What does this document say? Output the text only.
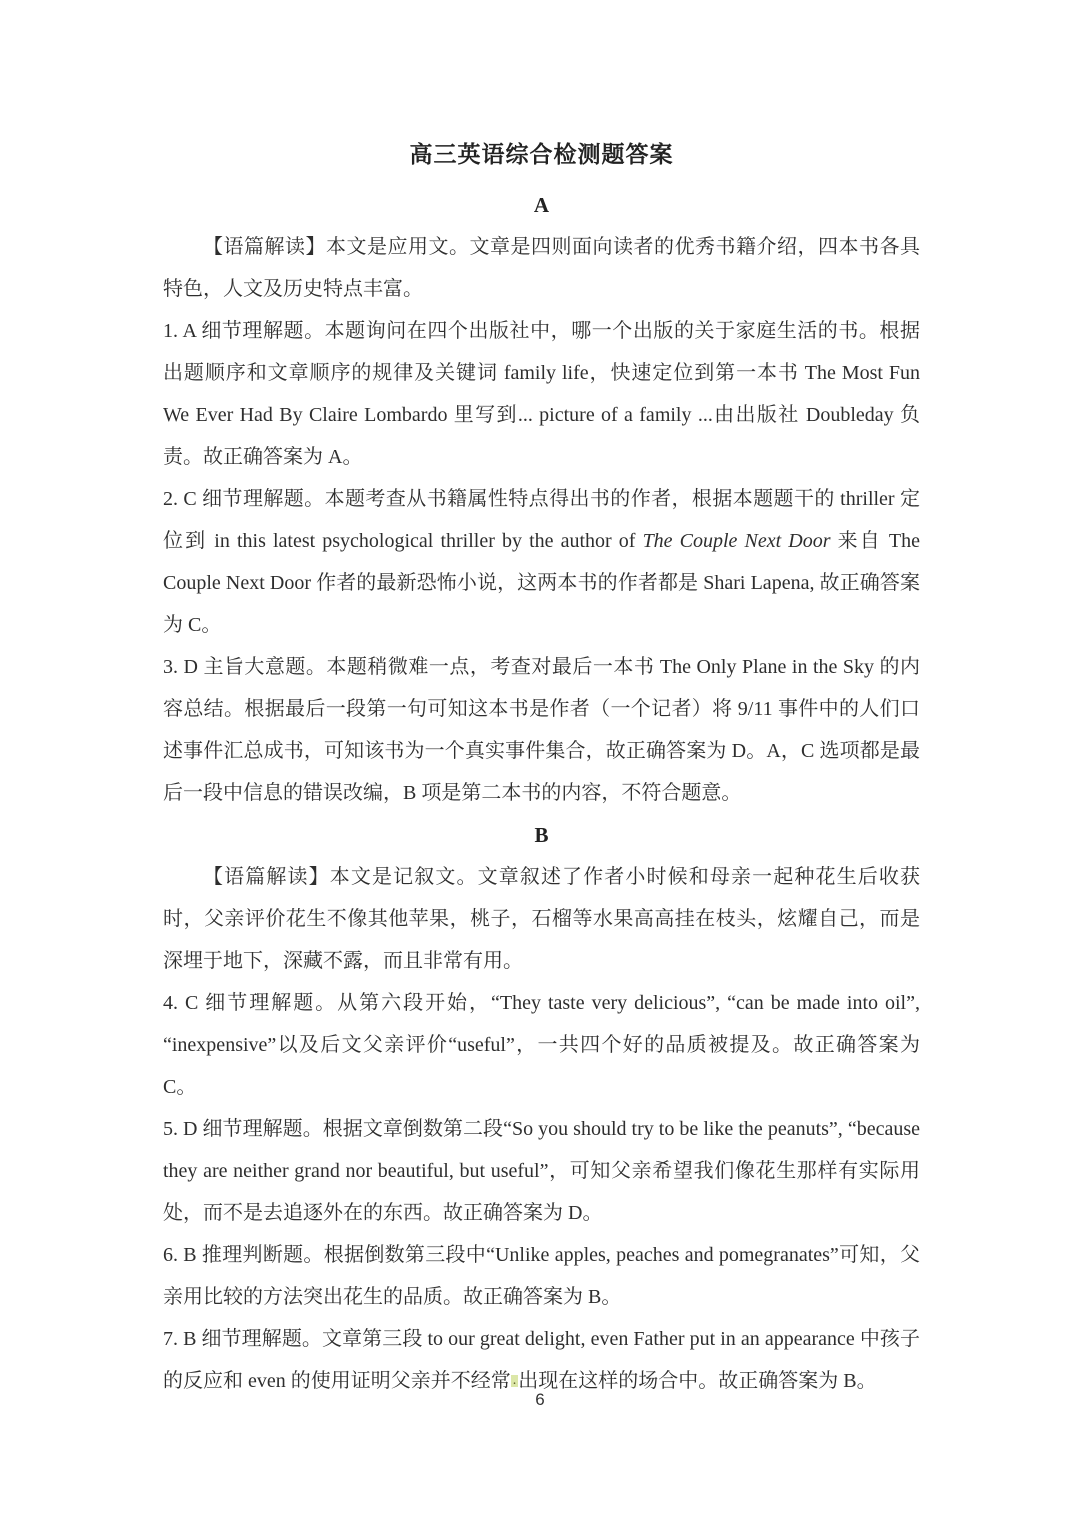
高三英语综合检测题答案
A

【语篇解读】本文是应用文。文章是四则面向读者的优秀书籍介绍，四本书各具特色，人文及历史特点丰富。

1. A 细节理解题。本题询问在四个出版社中，哪一个出版的关于家庭生活的书。根据出题顺序和文章顺序的规律及关键词 family life，快速定位到第一本书 The Most Fun We Ever Had By Claire Lombardo 里写到... picture of a family ...由出版社 Doubleday 负责。故正确答案为 A。

2. C 细节理解题。本题考查从书籍属性特点得出书的作者，根据本题题干的 thriller 定位到 in this latest psychological thriller by the author of The Couple Next Door 来自 The Couple Next Door 作者的最新恐怖小说，这两本书的作者都是 Shari Lapena, 故正确答案为 C。

3. D 主旨大意题。本题稍微难一点，考查对最后一本书 The Only Plane in the Sky 的内容总结。根据最后一段第一句可知这本书是作者（一个记者）将 9/11 事件中的人们口述事件汇总成书，可知该书为一个真实事件集合，故正确答案为 D。A，C 选项都是最后一段中信息的错误改编，B 项是第二本书的内容，不符合题意。

B

【语篇解读】本文是记叙文。文章叙述了作者小时候和母亲一起种花生后收获时，父亲评价花生不像其他苹果，桃子，石榴等水果高高挂在枝头，炫耀自己，而是深埋于地下，深藏不露，而且非常有用。

4. C 细节理解题。从第六段开始，“They taste very delicious”, “can be made into oil”, “inexpensive”以及后文父亲评价“useful”，一共四个好的品质被提及。故正确答案为 C。

5. D 细节理解题。根据文章倒数第二段“So you should try to be like the peanuts”, “because they are neither grand nor beautiful, but useful”，可知父亲希望我们像花生那样有实际用处，而不是去追逐外在的东西。故正确答案为 D。

6. B 推理判断题。根据倒数第三段中“Unlike apples, peaches and pomegranates”可知，父亲用比较的方法突出花生的品质。故正确答案为 B。

7. B 细节理解题。文章第三段 to our great delight, even Father put in an appearance 中孩子的反应和 even 的使用证明父亲并不经常 . 出现在这样的场合中。故正确答案为 B。

6
